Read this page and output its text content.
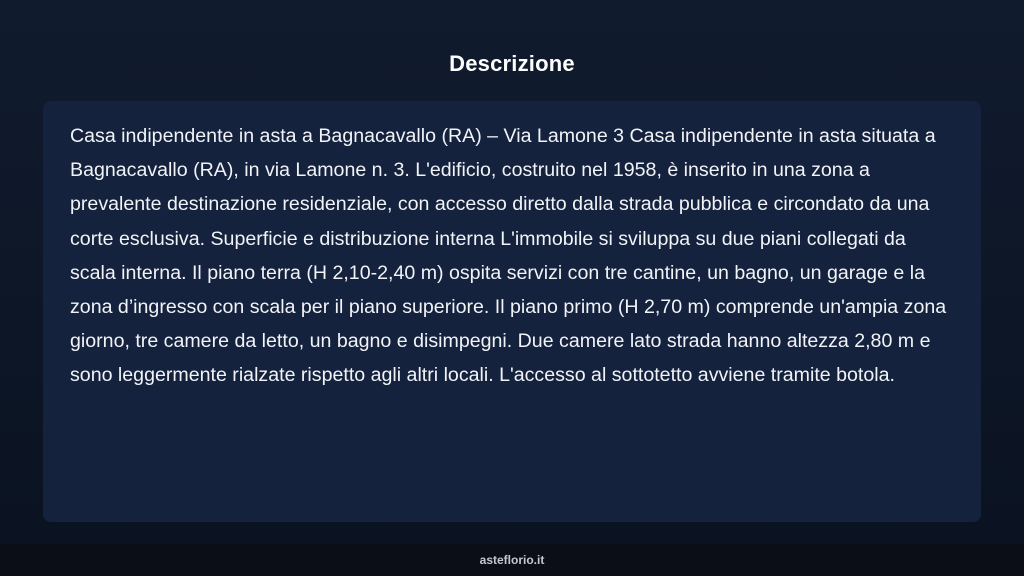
Descrizione

Casa indipendente in asta a Bagnacavallo (RA) – Via Lamone 3 Casa indipendente in asta situata a Bagnacavallo (RA), in via Lamone n. 3. L'edificio, costruito nel 1958, è inserito in una zona a prevalente destinazione residenziale, con accesso diretto dalla strada pubblica e circondato da una corte esclusiva. Superficie e distribuzione interna L'immobile si sviluppa su due piani collegati da scala interna. Il piano terra (H 2,10-2,40 m) ospita servizi con tre cantine, un bagno, un garage e la zona d’ingresso con scala per il piano superiore. Il piano primo (H 2,70 m) comprende un'ampia zona giorno, tre camere da letto, un bagno e disimpegni. Due camere lato strada hanno altezza 2,80 m e sono leggermente rialzate rispetto agli altri locali. L'accesso al sottotetto avviene tramite botola.

asteflorio.it
